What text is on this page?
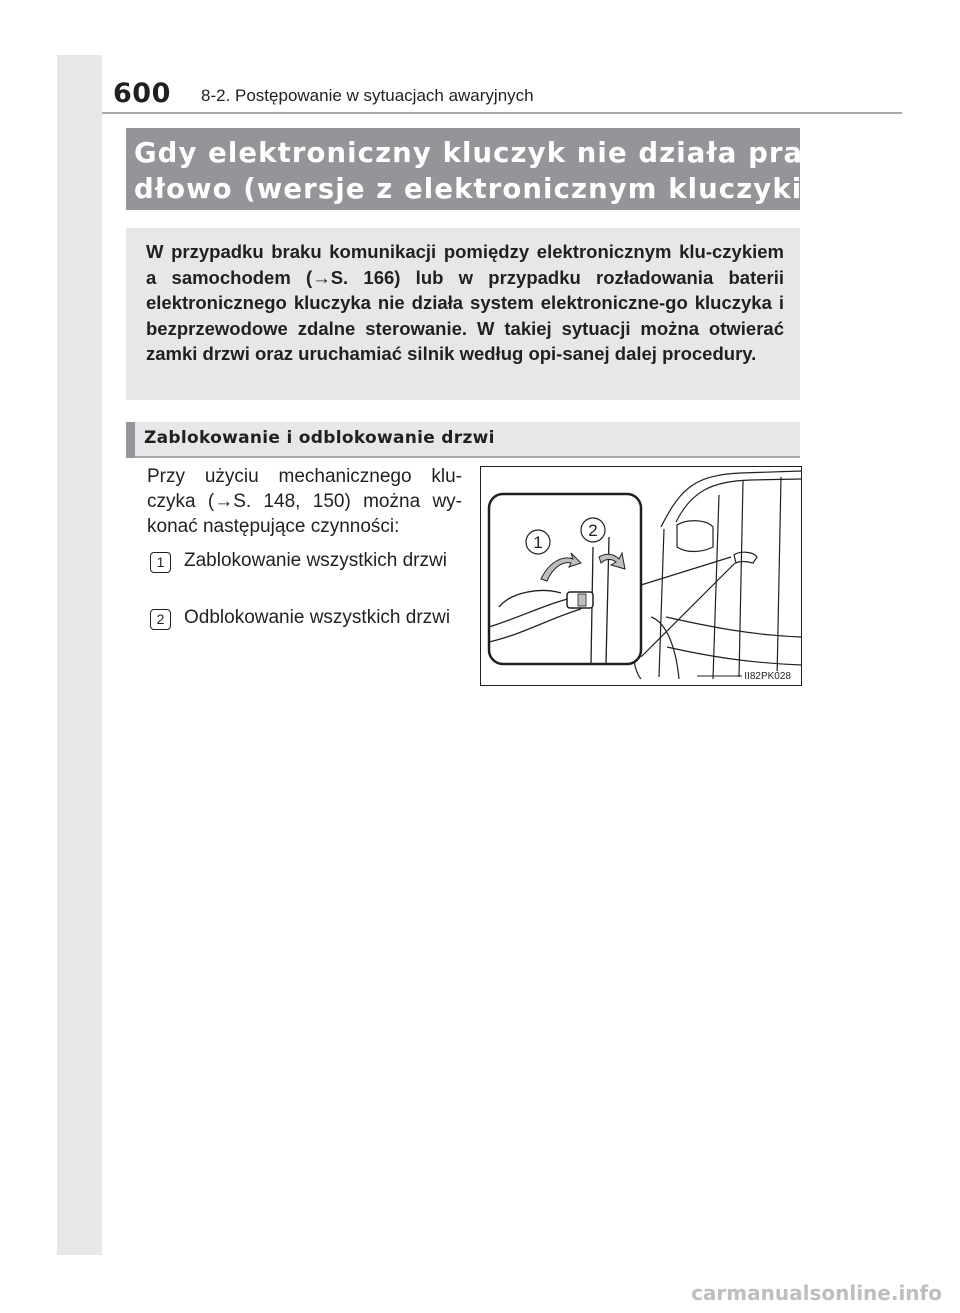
600 8-2. Postępowanie w sytuacjach awaryjnych
Gdy elektroniczny kluczyk nie działa prawi-
dłowo (wersje z elektronicznym kluczykiem)
W przypadku braku komunikacji pomiędzy elektronicznym klu-czykiem a samochodem (→S. 166) lub w przypadku rozładowania baterii elektronicznego kluczyka nie działa system elektroniczne-go kluczyka i bezprzewodowe zdalne sterowanie. W takiej sytuacji można otwierać zamki drzwi oraz uruchamiać silnik według opi-sanej dalej procedury.
Zablokowanie i odblokowanie drzwi
Przy użyciu mechanicznego klu-czyka (→S. 148, 150) można wy-konać następujące czynności:
1	Zablokowanie wszystkich drzwi
2	Odblokowanie wszystkich drzwi
1
2
II82PK028
carmanualsonline.info
